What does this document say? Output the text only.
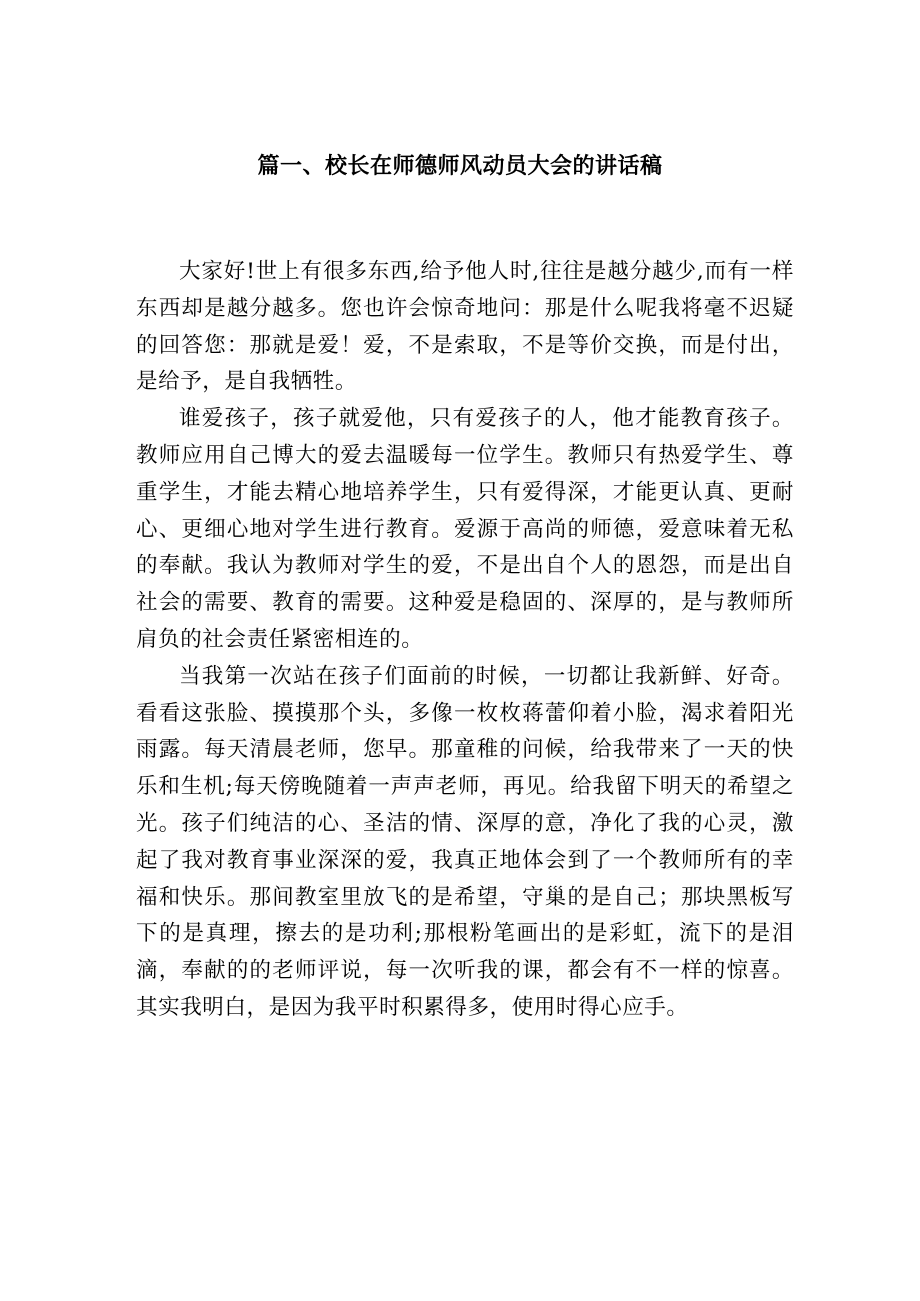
篇一、校长在师德师风动员大会的讲话稿

大家好!世上有很多东西,给予他人时,往往是越分越少,而有一样东西却是越分越多。您也许会惊奇地问：那是什么呢我将毫不迟疑的回答您：那就是爱！爱，不是索取，不是等价交换，而是付出，是给予，是自我牺牲。

谁爱孩子，孩子就爱他，只有爱孩子的人，他才能教育孩子。教师应用自己博大的爱去温暖每一位学生。教师只有热爱学生、尊重学生，才能去精心地培养学生，只有爱得深，才能更认真、更耐心、更细心地对学生进行教育。爱源于高尚的师德，爱意味着无私的奉献。我认为教师对学生的爱，不是出自个人的恩怨，而是出自社会的需要、教育的需要。这种爱是稳固的、深厚的，是与教师所肩负的社会责任紧密相连的。

当我第一次站在孩子们面前的时候，一切都让我新鲜、好奇。看看这张脸、摸摸那个头，多像一枚枚蒋蕾仰着小脸，渴求着阳光雨露。每天清晨老师，您早。那童稚的问候，给我带来了一天的快乐和生机;每天傍晚随着一声声老师，再见。给我留下明天的希望之光。孩子们纯洁的心、圣洁的情、深厚的意，净化了我的心灵，激起了我对教育事业深深的爱，我真正地体会到了一个教师所有的幸福和快乐。那间教室里放飞的是希望，守巢的是自己；那块黑板写下的是真理，擦去的是功利;那根粉笔画出的是彩虹，流下的是泪滴，奉献的的老师评说，每一次听我的课，都会有不一样的惊喜。其实我明白，是因为我平时积累得多，使用时得心应手。
